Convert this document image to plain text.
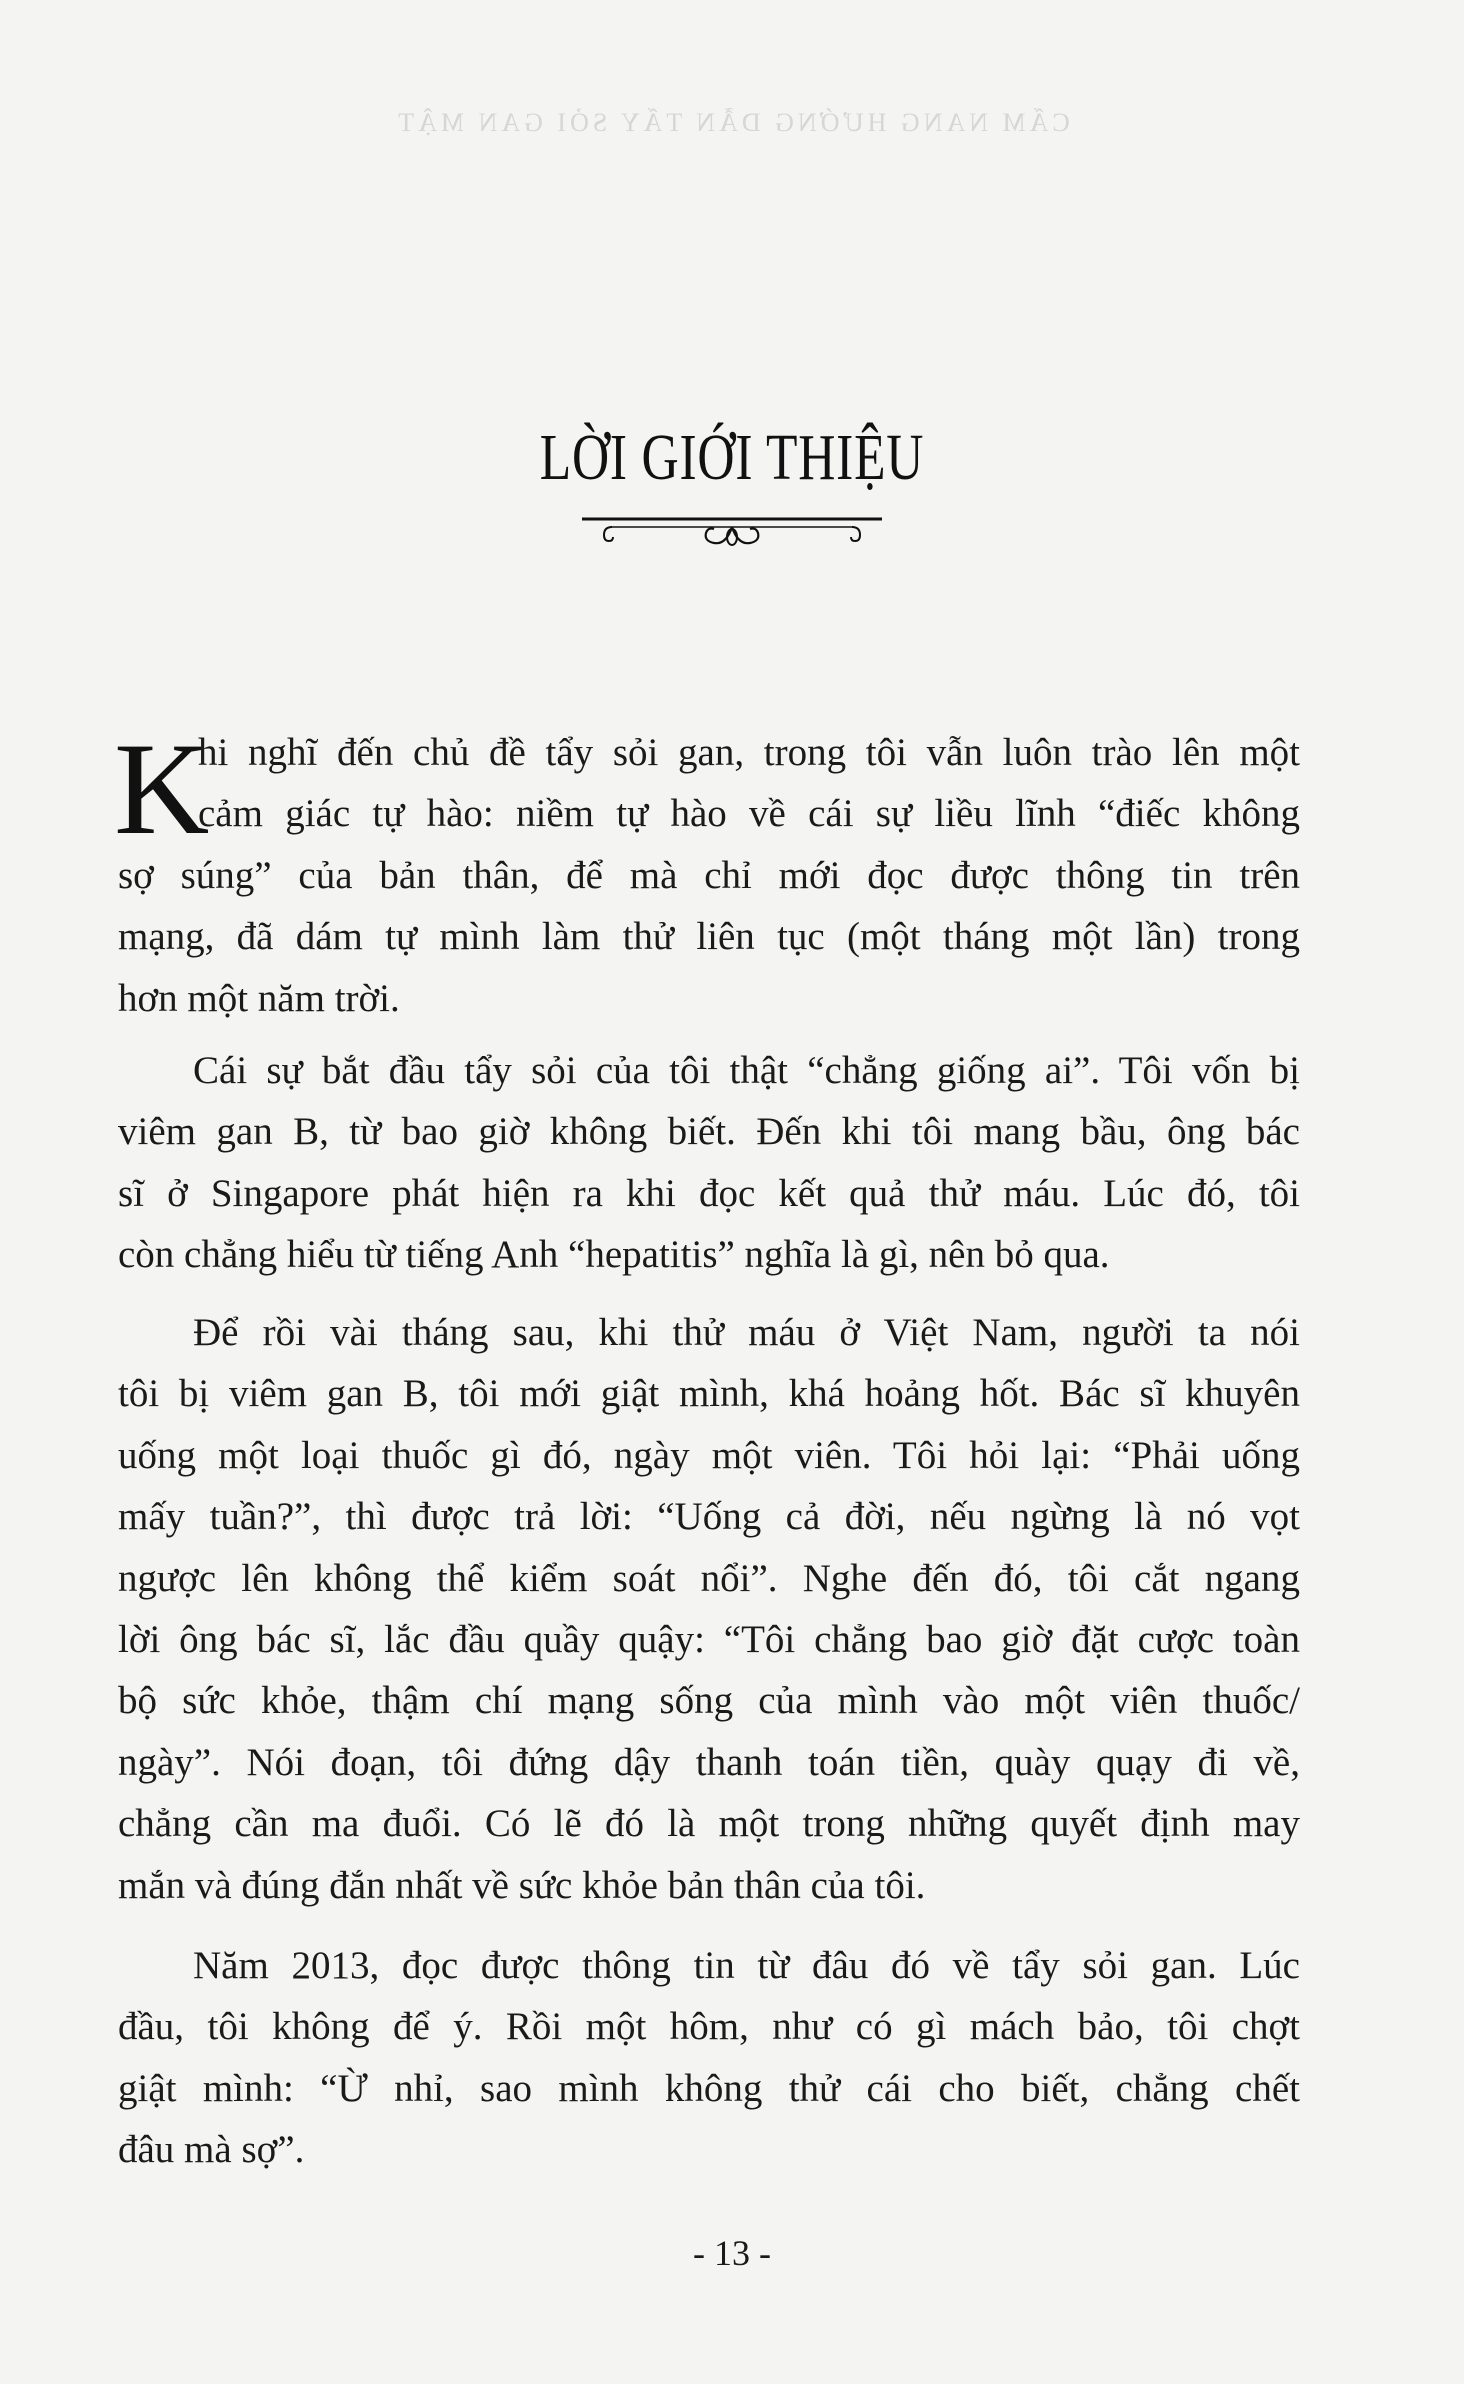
CẨM NANG HƯỚNG DẪN TẨY SỎI GAN MẬT
LỜI GIỚI THIỆU
K
hi nghĩ đến chủ đề tẩy sỏi gan, trong tôi vẫn luôn trào lên một
cảm giác tự hào: niềm tự hào về cái sự liều lĩnh “điếc không
sợ súng” của bản thân, để mà chỉ mới đọc được thông tin trên
mạng, đã dám tự mình làm thử liên tục (một tháng một lần) trong
hơn một năm trời.
Cái sự bắt đầu tẩy sỏi của tôi thật “chẳng giống ai”. Tôi vốn bị
viêm gan B, từ bao giờ không biết. Đến khi tôi mang bầu, ông bác
sĩ ở Singapore phát hiện ra khi đọc kết quả thử máu. Lúc đó, tôi
còn chẳng hiểu từ tiếng Anh “hepatitis” nghĩa là gì, nên bỏ qua.
Để rồi vài tháng sau, khi thử máu ở Việt Nam, người ta nói
tôi bị viêm gan B, tôi mới giật mình, khá hoảng hốt. Bác sĩ khuyên
uống một loại thuốc gì đó, ngày một viên. Tôi hỏi lại: “Phải uống
mấy tuần?”, thì được trả lời: “Uống cả đời, nếu ngừng là nó vọt
ngược lên không thể kiểm soát nổi”. Nghe đến đó, tôi cắt ngang
lời ông bác sĩ, lắc đầu quầy quậy: “Tôi chẳng bao giờ đặt cược toàn
bộ sức khỏe, thậm chí mạng sống của mình vào một viên thuốc/
ngày”. Nói đoạn, tôi đứng dậy thanh toán tiền, quày quạy đi về,
chẳng cần ma đuổi. Có lẽ đó là một trong những quyết định may
mắn và đúng đắn nhất về sức khỏe bản thân của tôi.
Năm 2013, đọc được thông tin từ đâu đó về tẩy sỏi gan. Lúc
đầu, tôi không để ý. Rồi một hôm, như có gì mách bảo, tôi chợt
giật mình: “Ừ nhỉ, sao mình không thử cái cho biết, chẳng chết
đâu mà sợ”.
- 13 -
